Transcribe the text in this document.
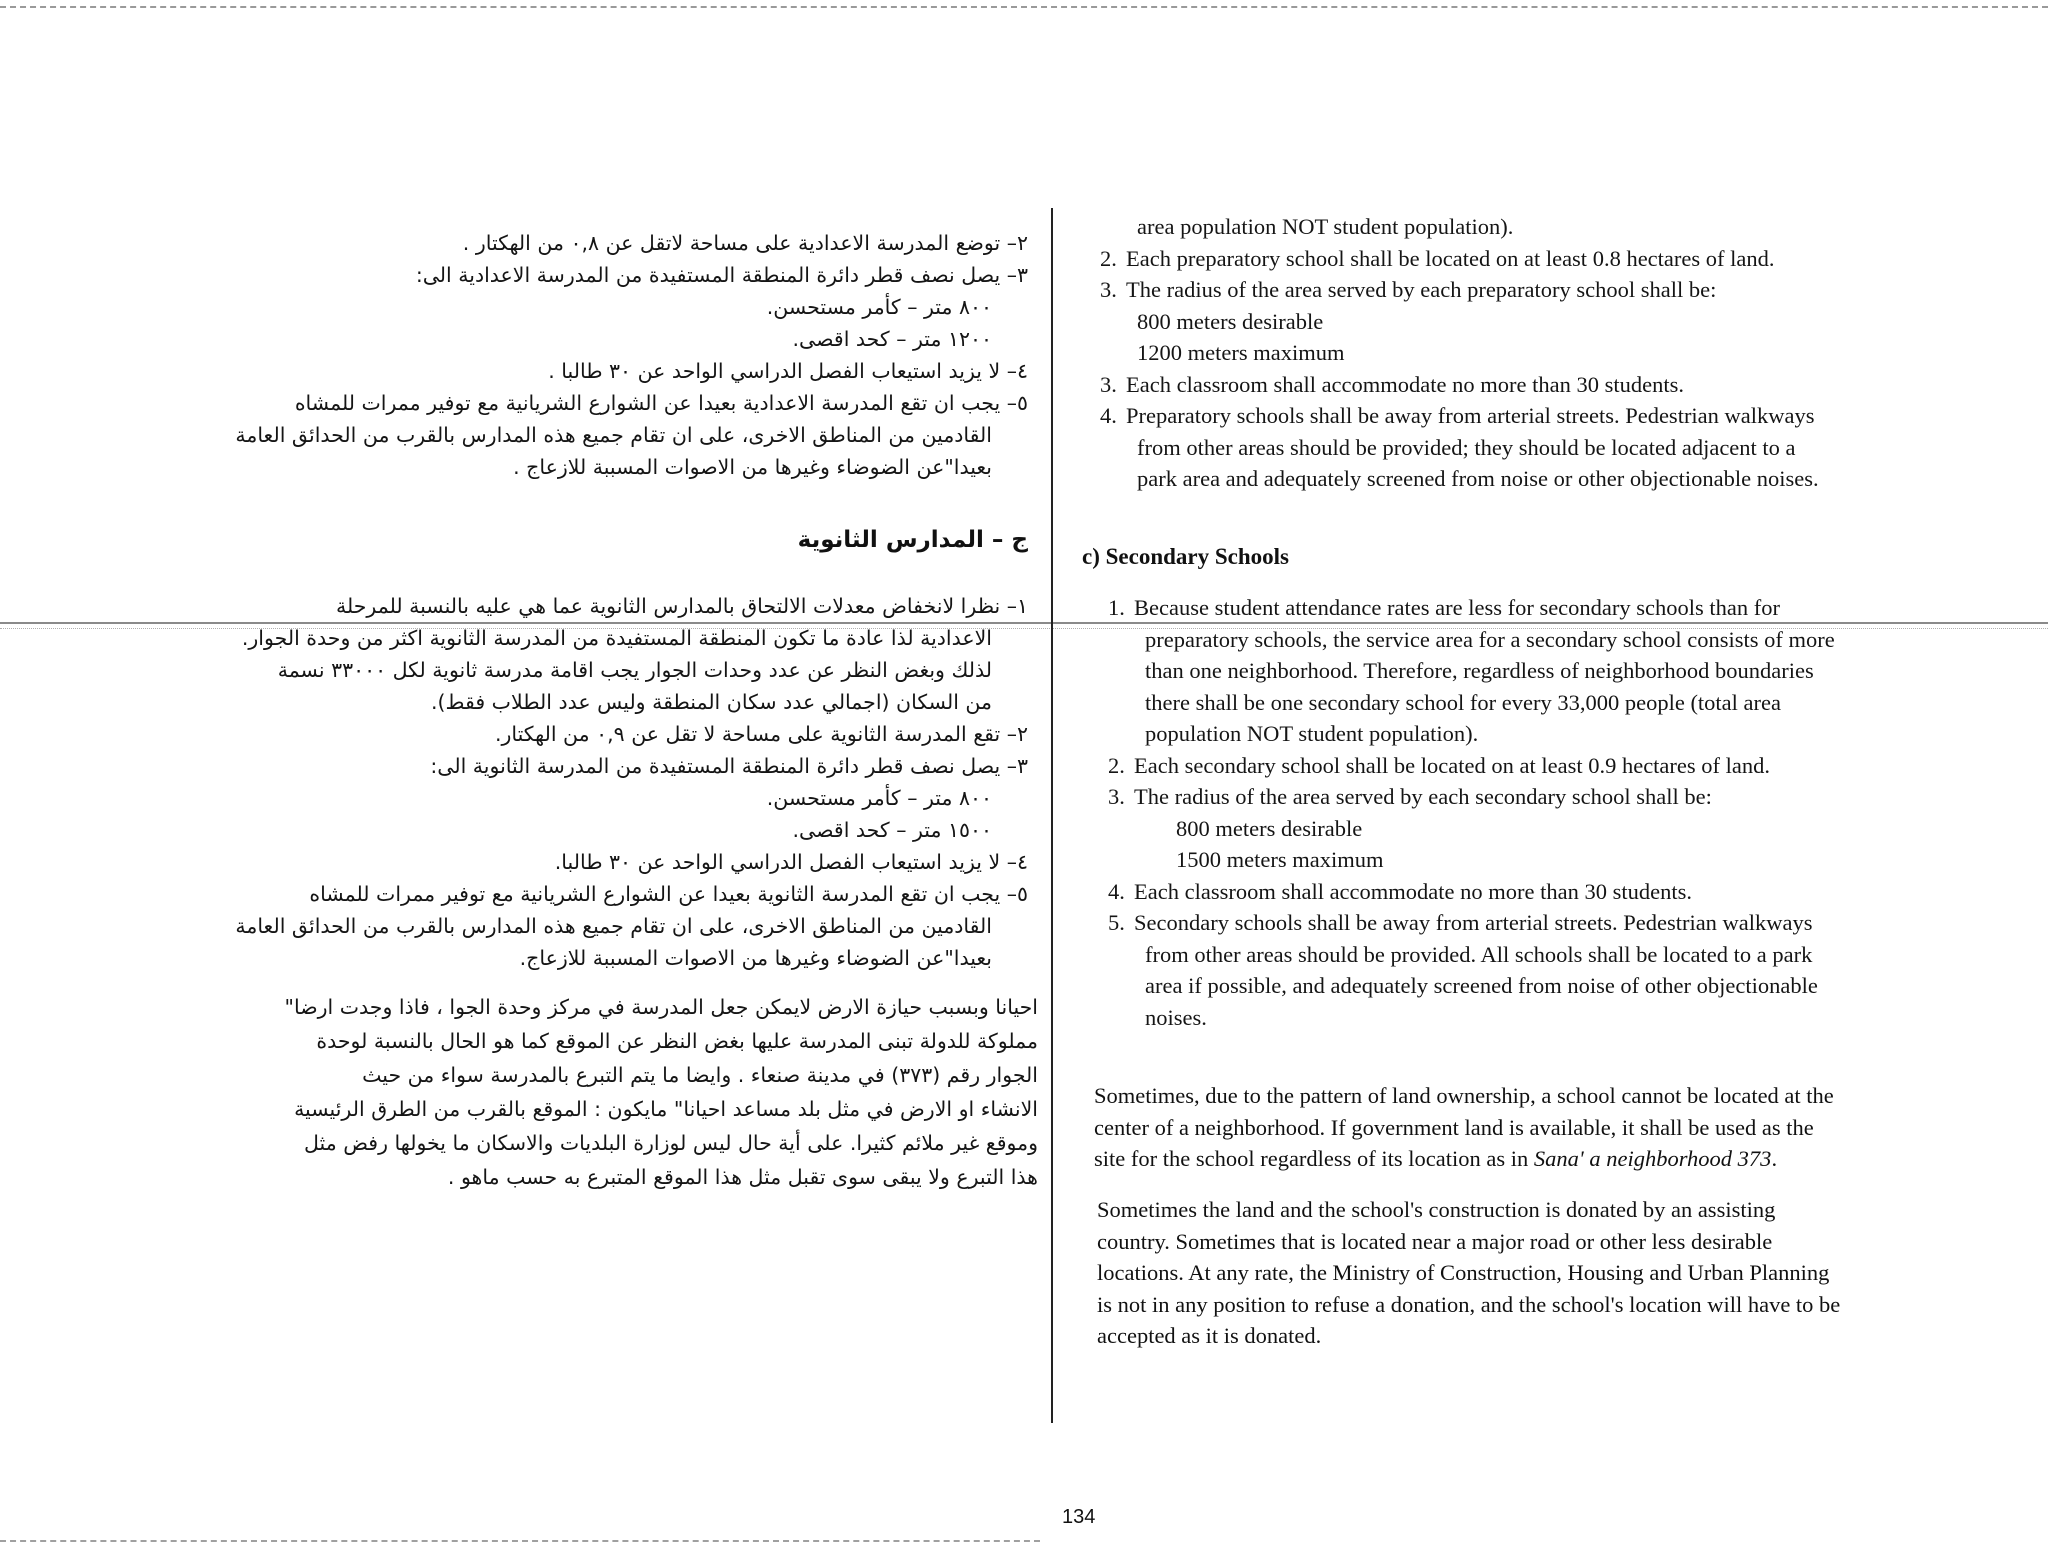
٢– توضع المدرسة الاعدادية على مساحة لاتقل عن ٠,٨ من الهكتار .
٣– يصل نصف قطر دائرة المنطقة المستفيدة من المدرسة الاعدادية الى:
٨٠٠ متر – كأمر مستحسن.
١٢٠٠ متر – كحد اقصى.
٤– لا يزيد استيعاب الفصل الدراسي الواحد عن ٣٠ طالبا .
٥– يجب ان تقع المدرسة الاعدادية بعيدا عن الشوارع الشريانية مع توفير ممرات للمشاه
القادمين من المناطق الاخرى، على ان تقام جميع هذه المدارس بالقرب من الحدائق العامة
بعيدا"عن الضوضاء وغيرها من الاصوات المسببة للازعاج .
ج – المدارس الثانوية
١– نظرا لانخفاض معدلات الالتحاق بالمدارس الثانوية عما هي عليه بالنسبة للمرحلة
الاعدادية لذا عادة ما تكون المنطقة المستفيدة من المدرسة الثانوية اكثر من وحدة الجوار.
لذلك وبغض النظر عن عدد وحدات الجوار يجب اقامة مدرسة ثانوية لكل ٣٣٠٠٠ نسمة
من السكان (اجمالي عدد سكان المنطقة وليس عدد الطلاب فقط).
٢– تقع المدرسة الثانوية على مساحة لا تقل عن ٠,٩ من الهكتار.
٣– يصل نصف قطر دائرة المنطقة المستفيدة من المدرسة الثانوية الى:
٨٠٠ متر – كأمر مستحسن.
١٥٠٠ متر – كحد اقصى.
٤– لا يزيد استيعاب الفصل الدراسي الواحد عن ٣٠ طالبا.
٥– يجب ان تقع المدرسة الثانوية بعيدا عن الشوارع الشريانية مع توفير ممرات للمشاه
القادمين من المناطق الاخرى، على ان تقام جميع هذه المدارس بالقرب من الحدائق العامة
بعيدا"عن الضوضاء وغيرها من الاصوات المسببة للازعاج.
احيانا وبسبب حيازة الارض لايمكن جعل المدرسة في مركز وحدة الجوا ، فاذا وجدت ارضا"
مملوكة للدولة تبنى المدرسة عليها بغض النظر عن الموقع كما هو الحال بالنسبة لوحدة
الجوار رقم (٣٧٣) في مدينة صنعاء . وايضا ما يتم التبرع بالمدرسة سواء من حيث
الانشاء او الارض في مثل بلد مساعد احيانا" مايكون : الموقع بالقرب من الطرق الرئيسية
وموقع غير ملائم كثيرا. على أية حال ليس لوزارة البلديات والاسكان ما يخولها رفض مثل
هذا التبرع ولا يبقى سوى تقبل مثل هذا الموقع المتبرع به حسب ماهو .
area population NOT student population).
2. Each preparatory school shall be located on at least 0.8 hectares of land.
3. The radius of the area served by each preparatory school shall be:
800 meters desirable
1200 meters maximum
3. Each classroom shall accommodate no more than 30 students.
4. Preparatory schools shall be away from arterial streets. Pedestrian walkways
from other areas should be provided; they should be located adjacent to a
park area and adequately screened from noise or other objectionable noises.
c) Secondary Schools
1. Because student attendance rates are less for secondary schools than for
preparatory schools, the service area for a secondary school consists of more
than one neighborhood. Therefore, regardless of neighborhood boundaries
there shall be one secondary school for every 33,000 people (total area
population NOT student population).
2. Each secondary school shall be located on at least 0.9 hectares of land.
3. The radius of the area served by each secondary school shall be:
800 meters desirable
1500 meters maximum
4. Each classroom shall accommodate no more than 30 students.
5. Secondary schools shall be away from arterial streets. Pedestrian walkways
from other areas should be provided. All schools shall be located to a park
area if possible, and adequately screened from noise of other objectionable
noises.
Sometimes, due to the pattern of land ownership, a school cannot be located at the
center of a neighborhood. If government land is available, it shall be used as the
site for the school regardless of its location as in Sana' a neighborhood 373.
Sometimes the land and the school's construction is donated by an assisting
country. Sometimes that is located near a major road or other less desirable
locations. At any rate, the Ministry of Construction, Housing and Urban Planning
is not in any position to refuse a donation, and the school's location will have to be
accepted as it is donated.
134
